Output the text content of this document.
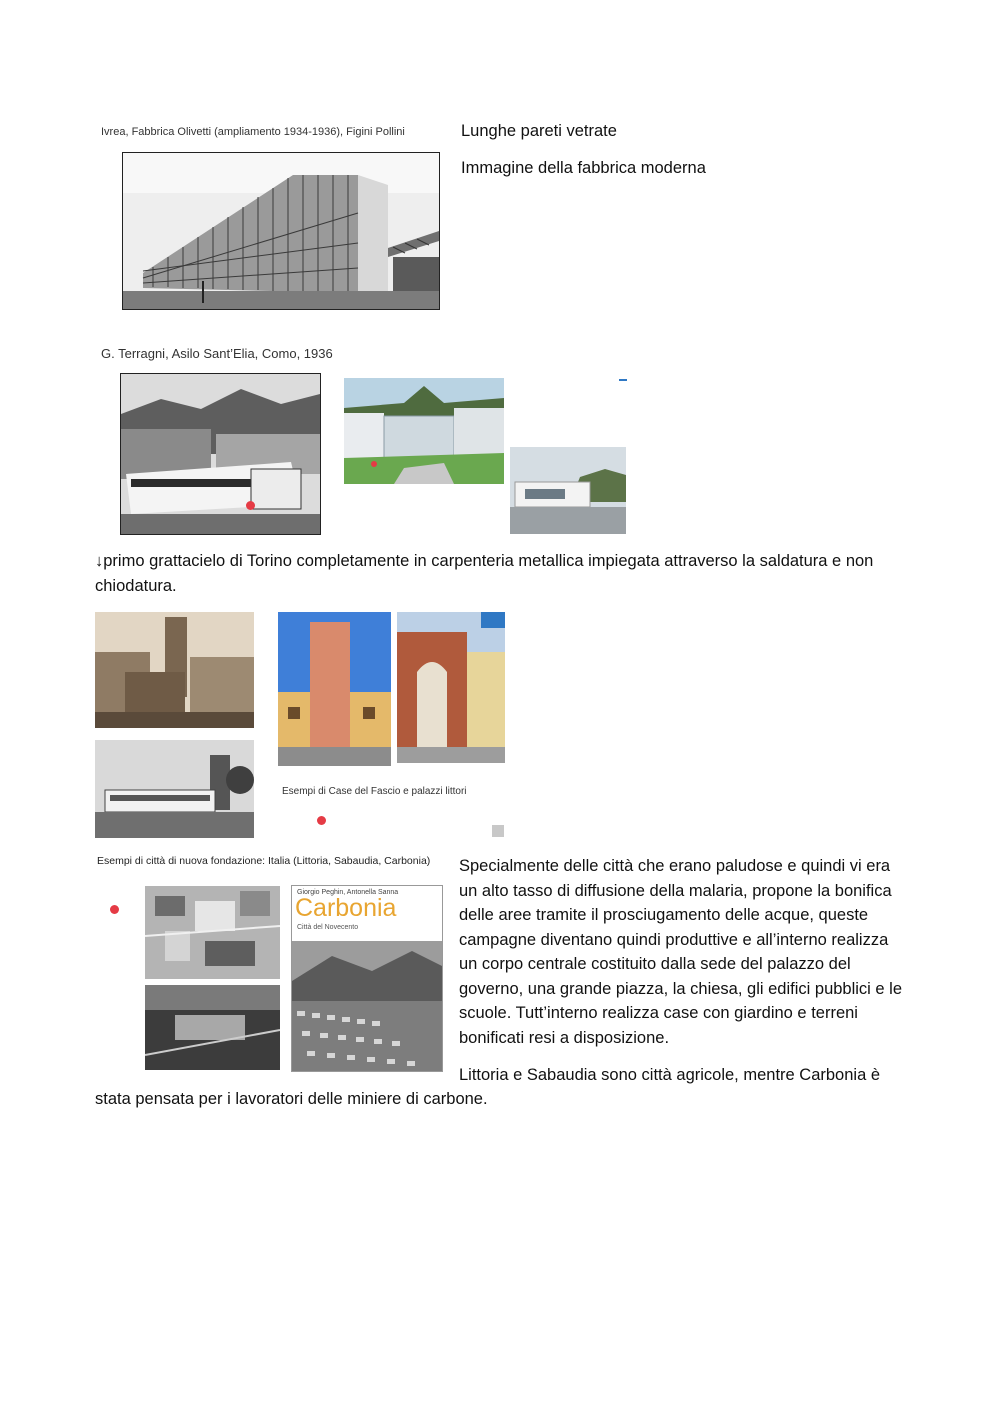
Ivrea, Fabbrica Olivetti (ampliamento 1934-1936), Figini Pollini	Lunghe pareti vetrate
Immagine della fabbrica moderna
G. Terragni, Asilo Sant’Elia, Como, 1936
↓primo grattacielo di Torino completamente in carpenteria metallica impiegata attraverso la saldatura e non chiodatura.
Esempi di Case del Fascio e palazzi littori
Esempi di città di nuova fondazione: Italia (Littoria, Sabaudia, Carbonia)
Giorgio Peghin, Antonella Sanna
Carbonia
Città del Novecento
Specialmente delle città che erano paludose e quindi vi era un alto tasso di diffusione della malaria, propone la bonifica delle aree tramite il prosciugamento delle acque, queste campagne diventano quindi produttive e all’interno realizza un corpo centrale costituito dalla sede del palazzo del governo, una grande piazza, la chiesa, gli edifici pubblici e le scuole. Tutt’interno realizza case con giardino e terreni bonificati resi a disposizione.
Littoria e Sabaudia sono città agricole, mentre Carbonia è
stata pensata per i lavoratori delle miniere di carbone.
